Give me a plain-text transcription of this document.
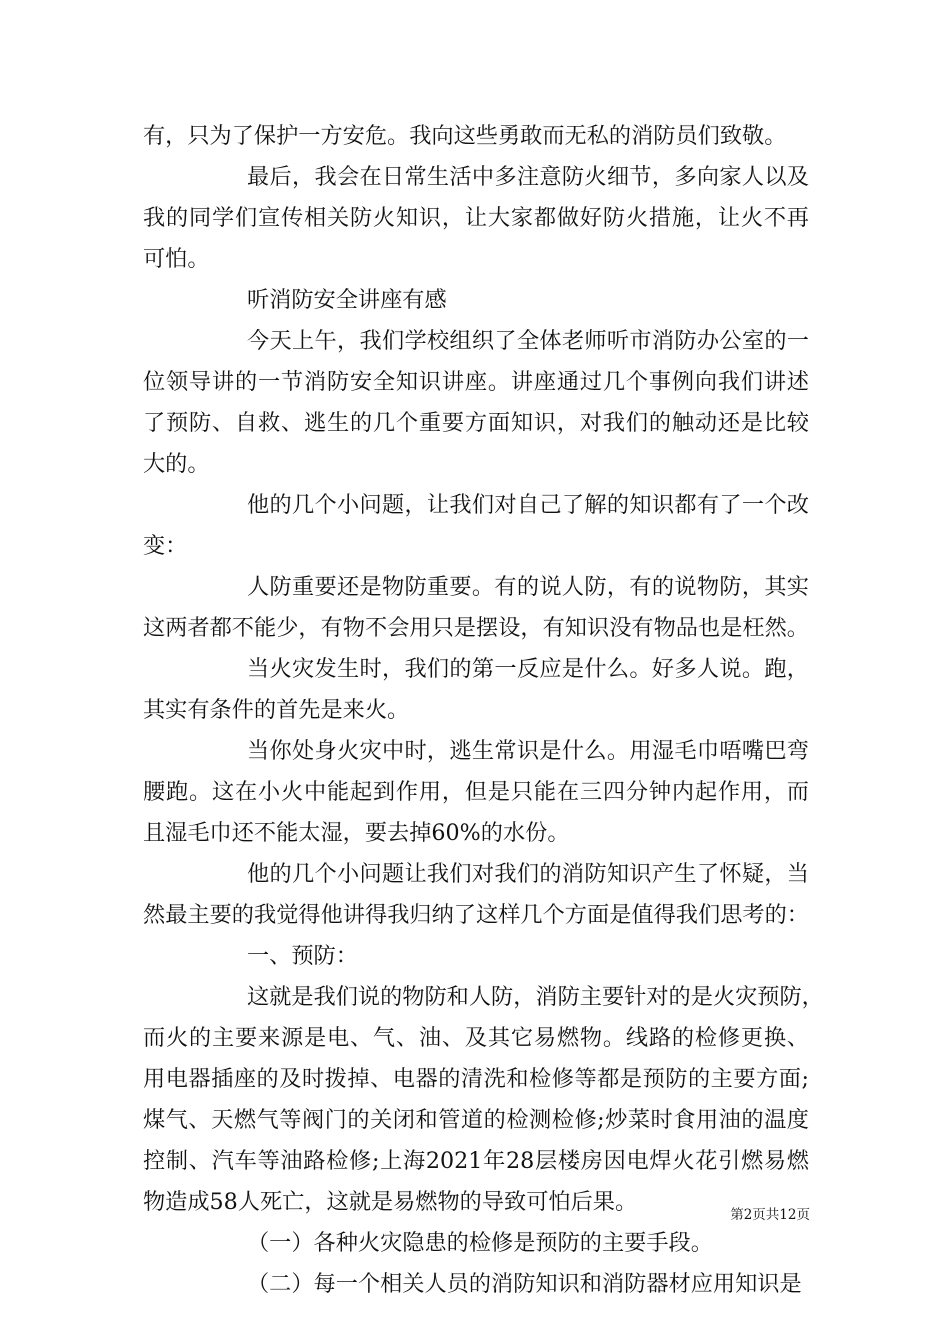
有，只为了保护一方安危。我向这些勇敢而无私的消防员们致敬。
最后，我会在日常生活中多注意防火细节，多向家人以及
我的同学们宣传相关防火知识，让大家都做好防火措施，让火不再
可怕。
听消防安全讲座有感
今天上午，我们学校组织了全体老师听市消防办公室的一
位领导讲的一节消防安全知识讲座。讲座通过几个事例向我们讲述
了预防、自救、逃生的几个重要方面知识，对我们的触动还是比较
大的。
他的几个小问题，让我们对自己了解的知识都有了一个改
变：
人防重要还是物防重要。有的说人防，有的说物防，其实
这两者都不能少，有物不会用只是摆设，有知识没有物品也是枉然。
当火灾发生时，我们的第一反应是什么。好多人说。跑，
其实有条件的首先是来火。
当你处身火灾中时，逃生常识是什么。用湿毛巾唔嘴巴弯
腰跑。这在小火中能起到作用，但是只能在三四分钟内起作用，而
且湿毛巾还不能太湿，要去掉60%的水份。
他的几个小问题让我们对我们的消防知识产生了怀疑，当
然最主要的我觉得他讲得我归纳了这样几个方面是值得我们思考的：
一、预防：
这就是我们说的物防和人防，消防主要针对的是火灾预防，
而火的主要来源是电、气、油、及其它易燃物。线路的检修更换、
用电器插座的及时拨掉、电器的清洗和检修等都是预防的主要方面;
煤气、天燃气等阀门的关闭和管道的检测检修;炒菜时食用油的温度
控制、汽车等油路检修;上海2021年28层楼房因电焊火花引燃易燃
物造成58人死亡，这就是易燃物的导致可怕后果。
（一）各种火灾隐患的检修是预防的主要手段。
（二）每一个相关人员的消防知识和消防器材应用知识是
第2页共12页
